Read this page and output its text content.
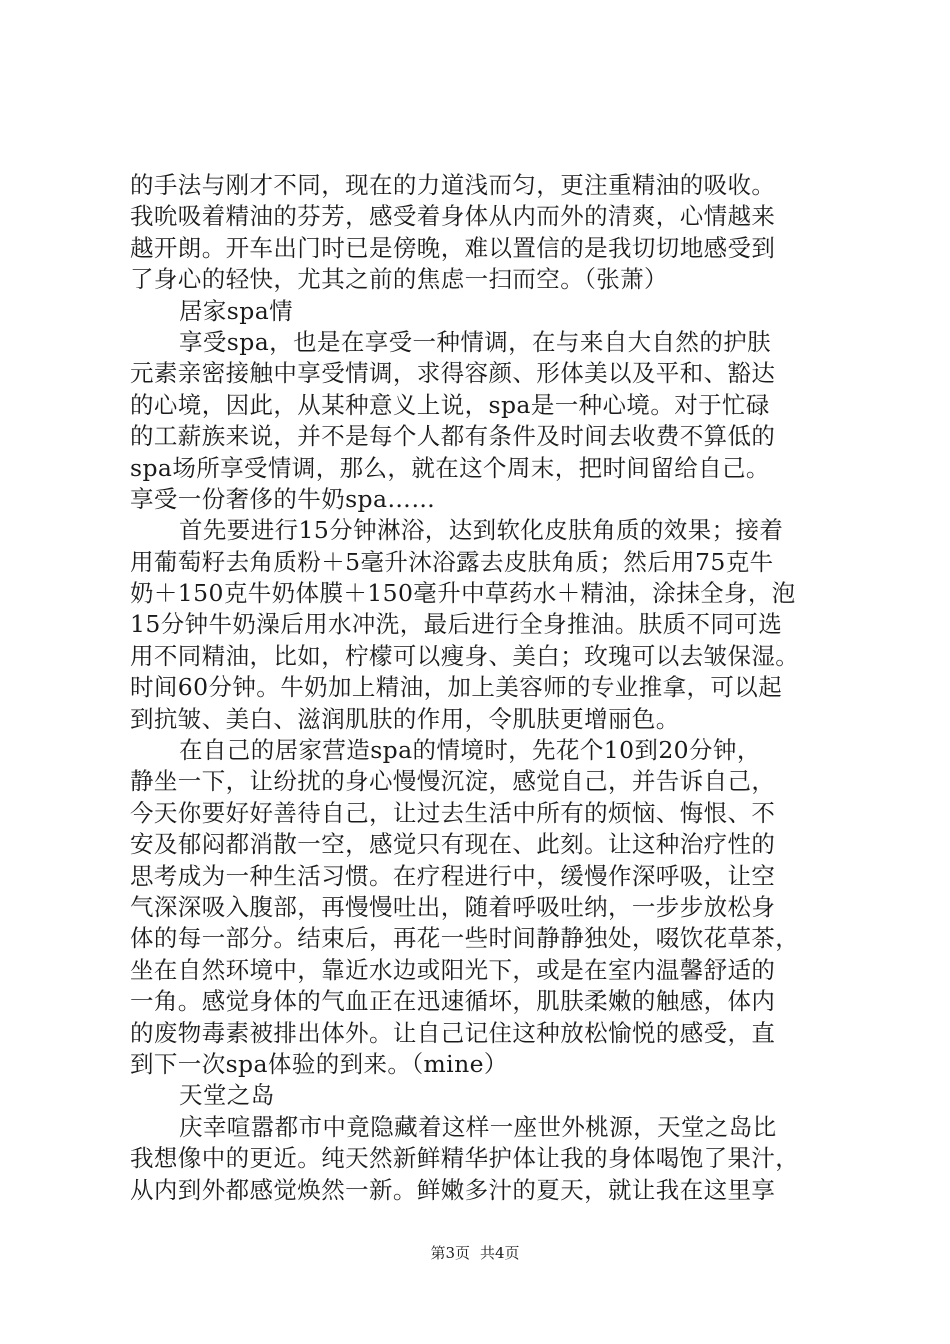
的手法与刚才不同，现在的力道浅而匀，更注重精油的吸收。
我吮吸着精油的芬芳，感受着身体从内而外的清爽，心情越来
越开朗。开车出门时已是傍晚，难以置信的是我切切地感受到
了身心的轻快，尤其之前的焦虑一扫而空。（张萧）
居家spa情
享受spa，也是在享受一种情调，在与来自大自然的护肤
元素亲密接触中享受情调，求得容颜、形体美以及平和、豁达
的心境，因此，从某种意义上说，spa是一种心境。对于忙碌
的工薪族来说，并不是每个人都有条件及时间去收费不算低的
spa场所享受情调，那么，就在这个周末，把时间留给自己。
享受一份奢侈的牛奶spa……
首先要进行15分钟淋浴，达到软化皮肤角质的效果；接着
用葡萄籽去角质粉＋5毫升沐浴露去皮肤角质；然后用75克牛
奶＋150克牛奶体膜＋150毫升中草药水＋精油，涂抹全身，泡
15分钟牛奶澡后用水冲洗，最后进行全身推油。肤质不同可选
用不同精油，比如，柠檬可以瘦身、美白；玫瑰可以去皱保湿。
时间60分钟。牛奶加上精油，加上美容师的专业推拿，可以起
到抗皱、美白、滋润肌肤的作用，令肌肤更增丽色。
在自己的居家营造spa的情境时，先花个10到20分钟，
静坐一下，让纷扰的身心慢慢沉淀，感觉自己，并告诉自己，
今天你要好好善待自己，让过去生活中所有的烦恼、悔恨、不
安及郁闷都消散一空，感觉只有现在、此刻。让这种治疗性的
思考成为一种生活习惯。在疗程进行中，缓慢作深呼吸，让空
气深深吸入腹部，再慢慢吐出，随着呼吸吐纳，一步步放松身
体的每一部分。结束后，再花一些时间静静独处，啜饮花草茶，
坐在自然环境中，靠近水边或阳光下，或是在室内温馨舒适的
一角。感觉身体的气血正在迅速循坏，肌肤柔嫩的触感，体内
的废物毒素被排出体外。让自己记住这种放松愉悦的感受，直
到下一次spa体验的到来。（mine）
天堂之岛
庆幸喧嚣都市中竟隐藏着这样一座世外桃源，天堂之岛比
我想像中的更近。纯天然新鲜精华护体让我的身体喝饱了果汁，
从内到外都感觉焕然一新。鲜嫩多汁的夏天，就让我在这里享
第3页 共4页
